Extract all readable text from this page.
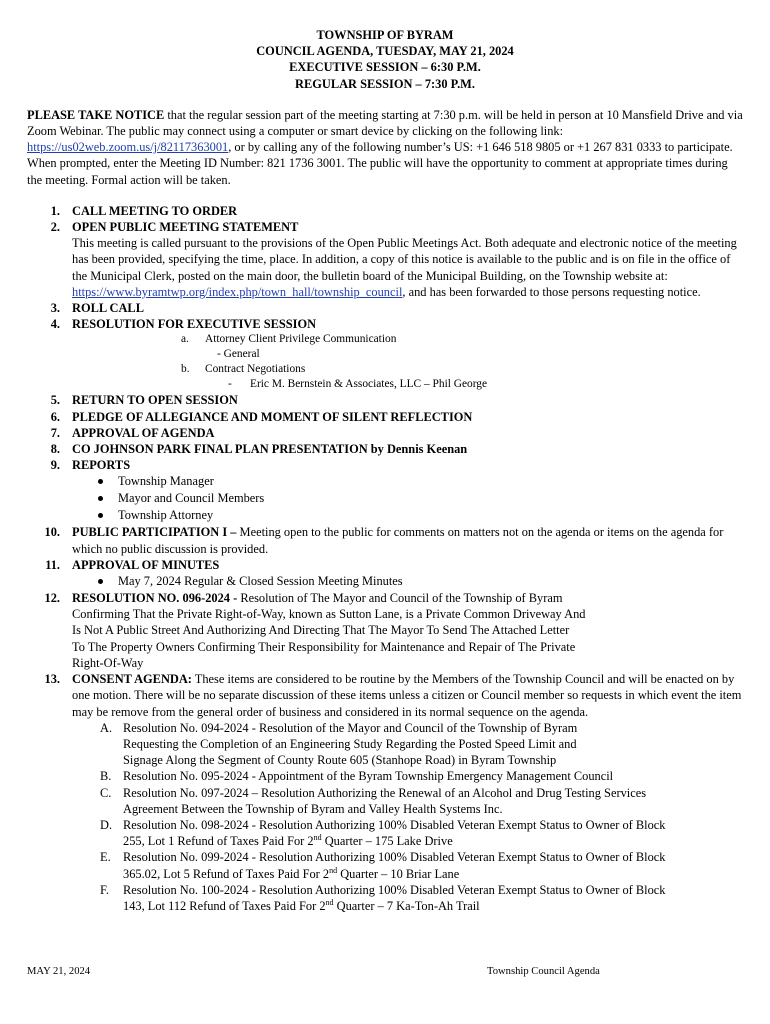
TOWNSHIP OF BYRAM
COUNCIL AGENDA, TUESDAY, MAY 21, 2024
EXECUTIVE SESSION – 6:30 P.M.
REGULAR SESSION – 7:30 P.M.
PLEASE TAKE NOTICE that the regular session part of the meeting starting at 7:30 p.m. will be held in person at 10 Mansfield Drive and via Zoom Webinar. The public may connect using a computer or smart device by clicking on the following link: https://us02web.zoom.us/j/82117363001, or by calling any of the following number’s US: +1 646 518 9805 or +1 267 831 0333 to participate. When prompted, enter the Meeting ID Number: 821 1736 3001. The public will have the opportunity to comment at appropriate times during the meeting. Formal action will be taken.
1. CALL MEETING TO ORDER
2. OPEN PUBLIC MEETING STATEMENT
This meeting is called pursuant to the provisions of the Open Public Meetings Act. Both adequate and electronic notice of the meeting has been provided, specifying the time, place. In addition, a copy of this notice is available to the public and is on file in the office of the Municipal Clerk, posted on the main door, the bulletin board of the Municipal Building, on the Township website at: https://www.byramtwp.org/index.php/town_hall/township_council, and has been forwarded to those persons requesting notice.
3. ROLL CALL
4. RESOLUTION FOR EXECUTIVE SESSION
a. Attorney Client Privilege Communication
- General
b. Contract Negotiations
- Eric M. Bernstein & Associates, LLC – Phil George
5. RETURN TO OPEN SESSION
6. PLEDGE OF ALLEGIANCE AND MOMENT OF SILENT REFLECTION
7. APPROVAL OF AGENDA
8. CO JOHNSON PARK FINAL PLAN PRESENTATION by Dennis Keenan
9. REPORTS
Township Manager
Mayor and Council Members
Township Attorney
10. PUBLIC PARTICIPATION I – Meeting open to the public for comments on matters not on the agenda or items on the agenda for which no public discussion is provided.
11. APPROVAL OF MINUTES
May 7, 2024 Regular & Closed Session Meeting Minutes
12. RESOLUTION NO. 096-2024 - Resolution of The Mayor and Council of the Township of Byram
Confirming That the Private Right-of-Way, known as Sutton Lane, is a Private Common Driveway And
Is Not A Public Street And Authorizing And Directing That The Mayor To Send The Attached Letter
To The Property Owners Confirming Their Responsibility for Maintenance and Repair of The Private
Right-Of-Way
13. CONSENT AGENDA: These items are considered to be routine by the Members of the Township Council and will be enacted on by one motion. There will be no separate discussion of these items unless a citizen or Council member so requests in which event the item may be remove from the general order of business and considered in its normal sequence on the agenda.
A. Resolution No. 094-2024 - Resolution of the Mayor and Council of the Township of Byram
Requesting the Completion of an Engineering Study Regarding the Posted Speed Limit and
Signage Along the Segment of County Route 605 (Stanhope Road) in Byram Township
B. Resolution No. 095-2024 - Appointment of the Byram Township Emergency Management Council
C. Resolution No. 097-2024 – Resolution Authorizing the Renewal of an Alcohol and Drug Testing Services
Agreement Between the Township of Byram and Valley Health Systems Inc.
D. Resolution No. 098-2024 - Resolution Authorizing 100% Disabled Veteran Exempt Status to Owner of Block
255, Lot 1 Refund of Taxes Paid For 2nd Quarter – 175 Lake Drive
E. Resolution No. 099-2024 - Resolution Authorizing 100% Disabled Veteran Exempt Status to Owner of Block
365.02, Lot 5 Refund of Taxes Paid For 2nd Quarter – 10 Briar Lane
F. Resolution No. 100-2024 - Resolution Authorizing 100% Disabled Veteran Exempt Status to Owner of Block
143, Lot 112 Refund of Taxes Paid For 2nd Quarter – 7 Ka-Ton-Ah Trail
MAY 21, 2024	Township Council Agenda
